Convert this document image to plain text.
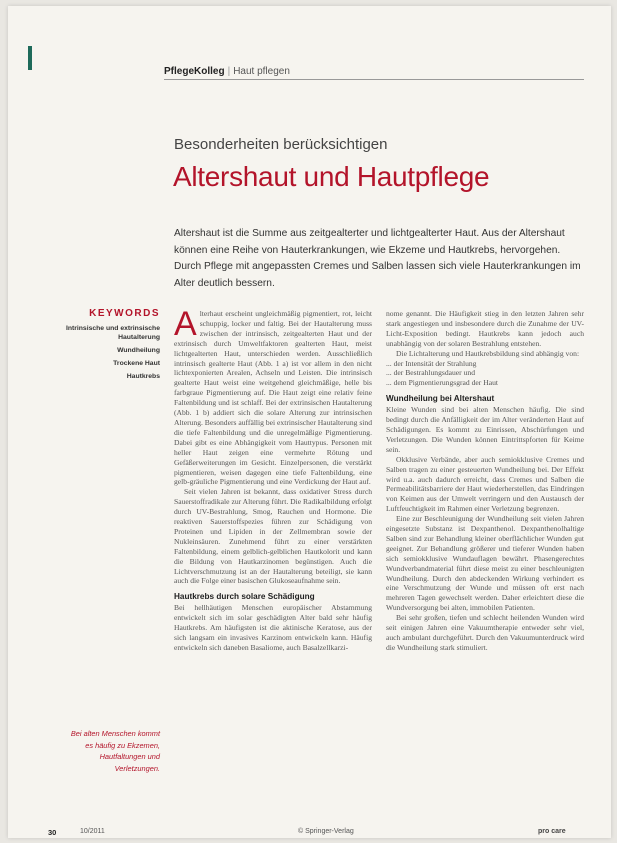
PflegeKolleg | Haut pflegen
Besonderheiten berücksichtigen
Altershaut und Hautpflege

Altershaut ist die Summe aus zeitgealterter und lichtgealterter Haut. Aus der Altershaut können eine Reihe von Hauterkrankungen, wie Ekzeme und Hautkrebs, hervorgehen. Durch Pflege mit angepassten Cremes und Salben lassen sich viele Hauterkrankungen im Alter deutlich bessern.

KEYWORDS
Intrinsische und extrinsische Hautalterung
Wundheilung
Trockene Haut
Hautkrebs
Bei alten Menschen kommt es häufig zu Ekzemen, Hautfaltungen und Verletzungen.

Alterhaut erscheint ungleichmäßig pigmentiert, rot, leicht schuppig, locker und faltig. Bei der Hautalterung muss zwischen der intrinsisch, zeitgealterten Haut und der extrinsisch durch Umweltfaktoren gealterten Haut, meist lichtgealterten Haut, unterschieden werden. Ausschließlich intrinsisch gealterte Haut (Abb. 1 a) ist vor allem in den nicht lichtexponierten Arealen, Achseln und Leisten. Die intrinsisch gealterte Haut weist eine weitgehend gleichmäßige, helle bis farbgraue Pigmentierung auf. Die Haut zeigt eine relativ feine Faltenbildung und ist schlaff. Bei der extrinsischen Hautalterung (Abb. 1 b) addiert sich die solare Alterung zur intrinsischen Alterung. Besonders auffällig bei extrinsischer Hautalterung sind die tiefe Faltenbildung und die unregelmäßige Pigmentierung. Dabei gibt es eine Abhängigkeit vom Hauttypus. Personen mit heller Haut zeigen eine vermehrte Rötung und Gefäßerweiterungen im Gesicht. Einzelpersonen, die verstärkt pigmentieren, weisen dagegen eine tiefe Faltenbildung, eine gelb-gräuliche Pigmentierung und eine Verdickung der Haut auf.

Seit vielen Jahren ist bekannt, dass oxidativer Stress durch Sauerstoffradikale zur Alterung führt. Die Radikalbildung erfolgt durch UV-Bestrahlung, Smog, Rauchen und Hormone. Die reaktiven Sauerstoffspezies führen zur Schädigung von Proteinen und Lipiden in der Zellmembran sowie der Nukleinsäuren. Zunehmend führt zu einer verstärkten Faltenbildung, einem gelblich-gelblichen Hautkolorit und kann die Bildung von Hautkarzinomen begünstigen. Auch die Lichtverschmutzung ist an der Hautalterung beteiligt, sie kann auch die Folge einer basischen Glukoseaufnahme sein.

Hautkrebs durch solare Schädigung

Bei hellhäutigen Menschen europäischer Abstammung entwickelt sich im solar geschädigten Alter bald sehr häufig Hautkrebs. Am häufigsten ist die aktinische Keratose, aus der sich langsam ein invasives Karzinom entwickeln kann. Häufig entwickeln sich daneben Basaliome, auch Basalzellkarzi-

nome genannt. Die Häufigkeit stieg in den letzten Jahren sehr stark angestiegen und insbesondere durch die Zunahme der UV-Licht-Exposition bedingt. Hautkrebs kann jedoch auch unabhängig von der solaren Bestrahlung entstehen.

Die Lichtalterung und Hautkrebsbildung sind abhängig von:

... der Intensität der Strahlung

... der Bestrahlungsdauer und

... dem Pigmentierungsgrad der Haut

Wundheilung bei Altershaut

Kleine Wunden sind bei alten Menschen häufig. Die sind bedingt durch die Anfälligkeit der im Alter veränderten Haut auf Schädigungen. Es kommt zu Einrissen, Abschürfungen und Verletzungen. Die Wunden können Eintrittspforten für Keime sein.

Okklusive Verbände, aber auch semiokklusive Cremes und Salben tragen zu einer gesteuerten Wundheilung bei. Der Effekt wird u.a. auch dadurch erreicht, dass Cremes und Salben die Permeabilitätsbarriere der Haut wiederherstellen, das Eindringen von Keimen aus der Umwelt verringern und den Austausch der Luftfeuchtigkeit im Rahmen einer Verletzung begrenzen.

Eine zur Beschleunigung der Wundheilung seit vielen Jahren eingesetzte Substanz ist Dexpanthenol. Dexpanthenolhaltige Salben sind zur Behandlung kleiner oberflächlicher Wunden gut geeignet. Zur Behandlung größerer und tieferer Wunden haben sich semiokklusive Wundauflagen bewährt. Phasengerechtes Wundverbandmaterial führt diese meist zu einer beschleunigten Wundheilung. Durch den abdeckenden Wirkung verhindert es eine Verschmutzung der Wunde und müssen oft erst nach mehreren Tagen gewechselt werden. Daher erleichtert diese die Wundversorgung bei alten, immobilen Patienten.

Bei sehr großen, tiefen und schlecht heilenden Wunden wird seit einigen Jahren eine Vakuumtherapie entweder sehr viel, auch ambulant durchgeführt. Durch den Vakuumunterdruck wird die Wundheilung stark stimuliert.

30	10/2011	© Springer-Verlag	pro care
